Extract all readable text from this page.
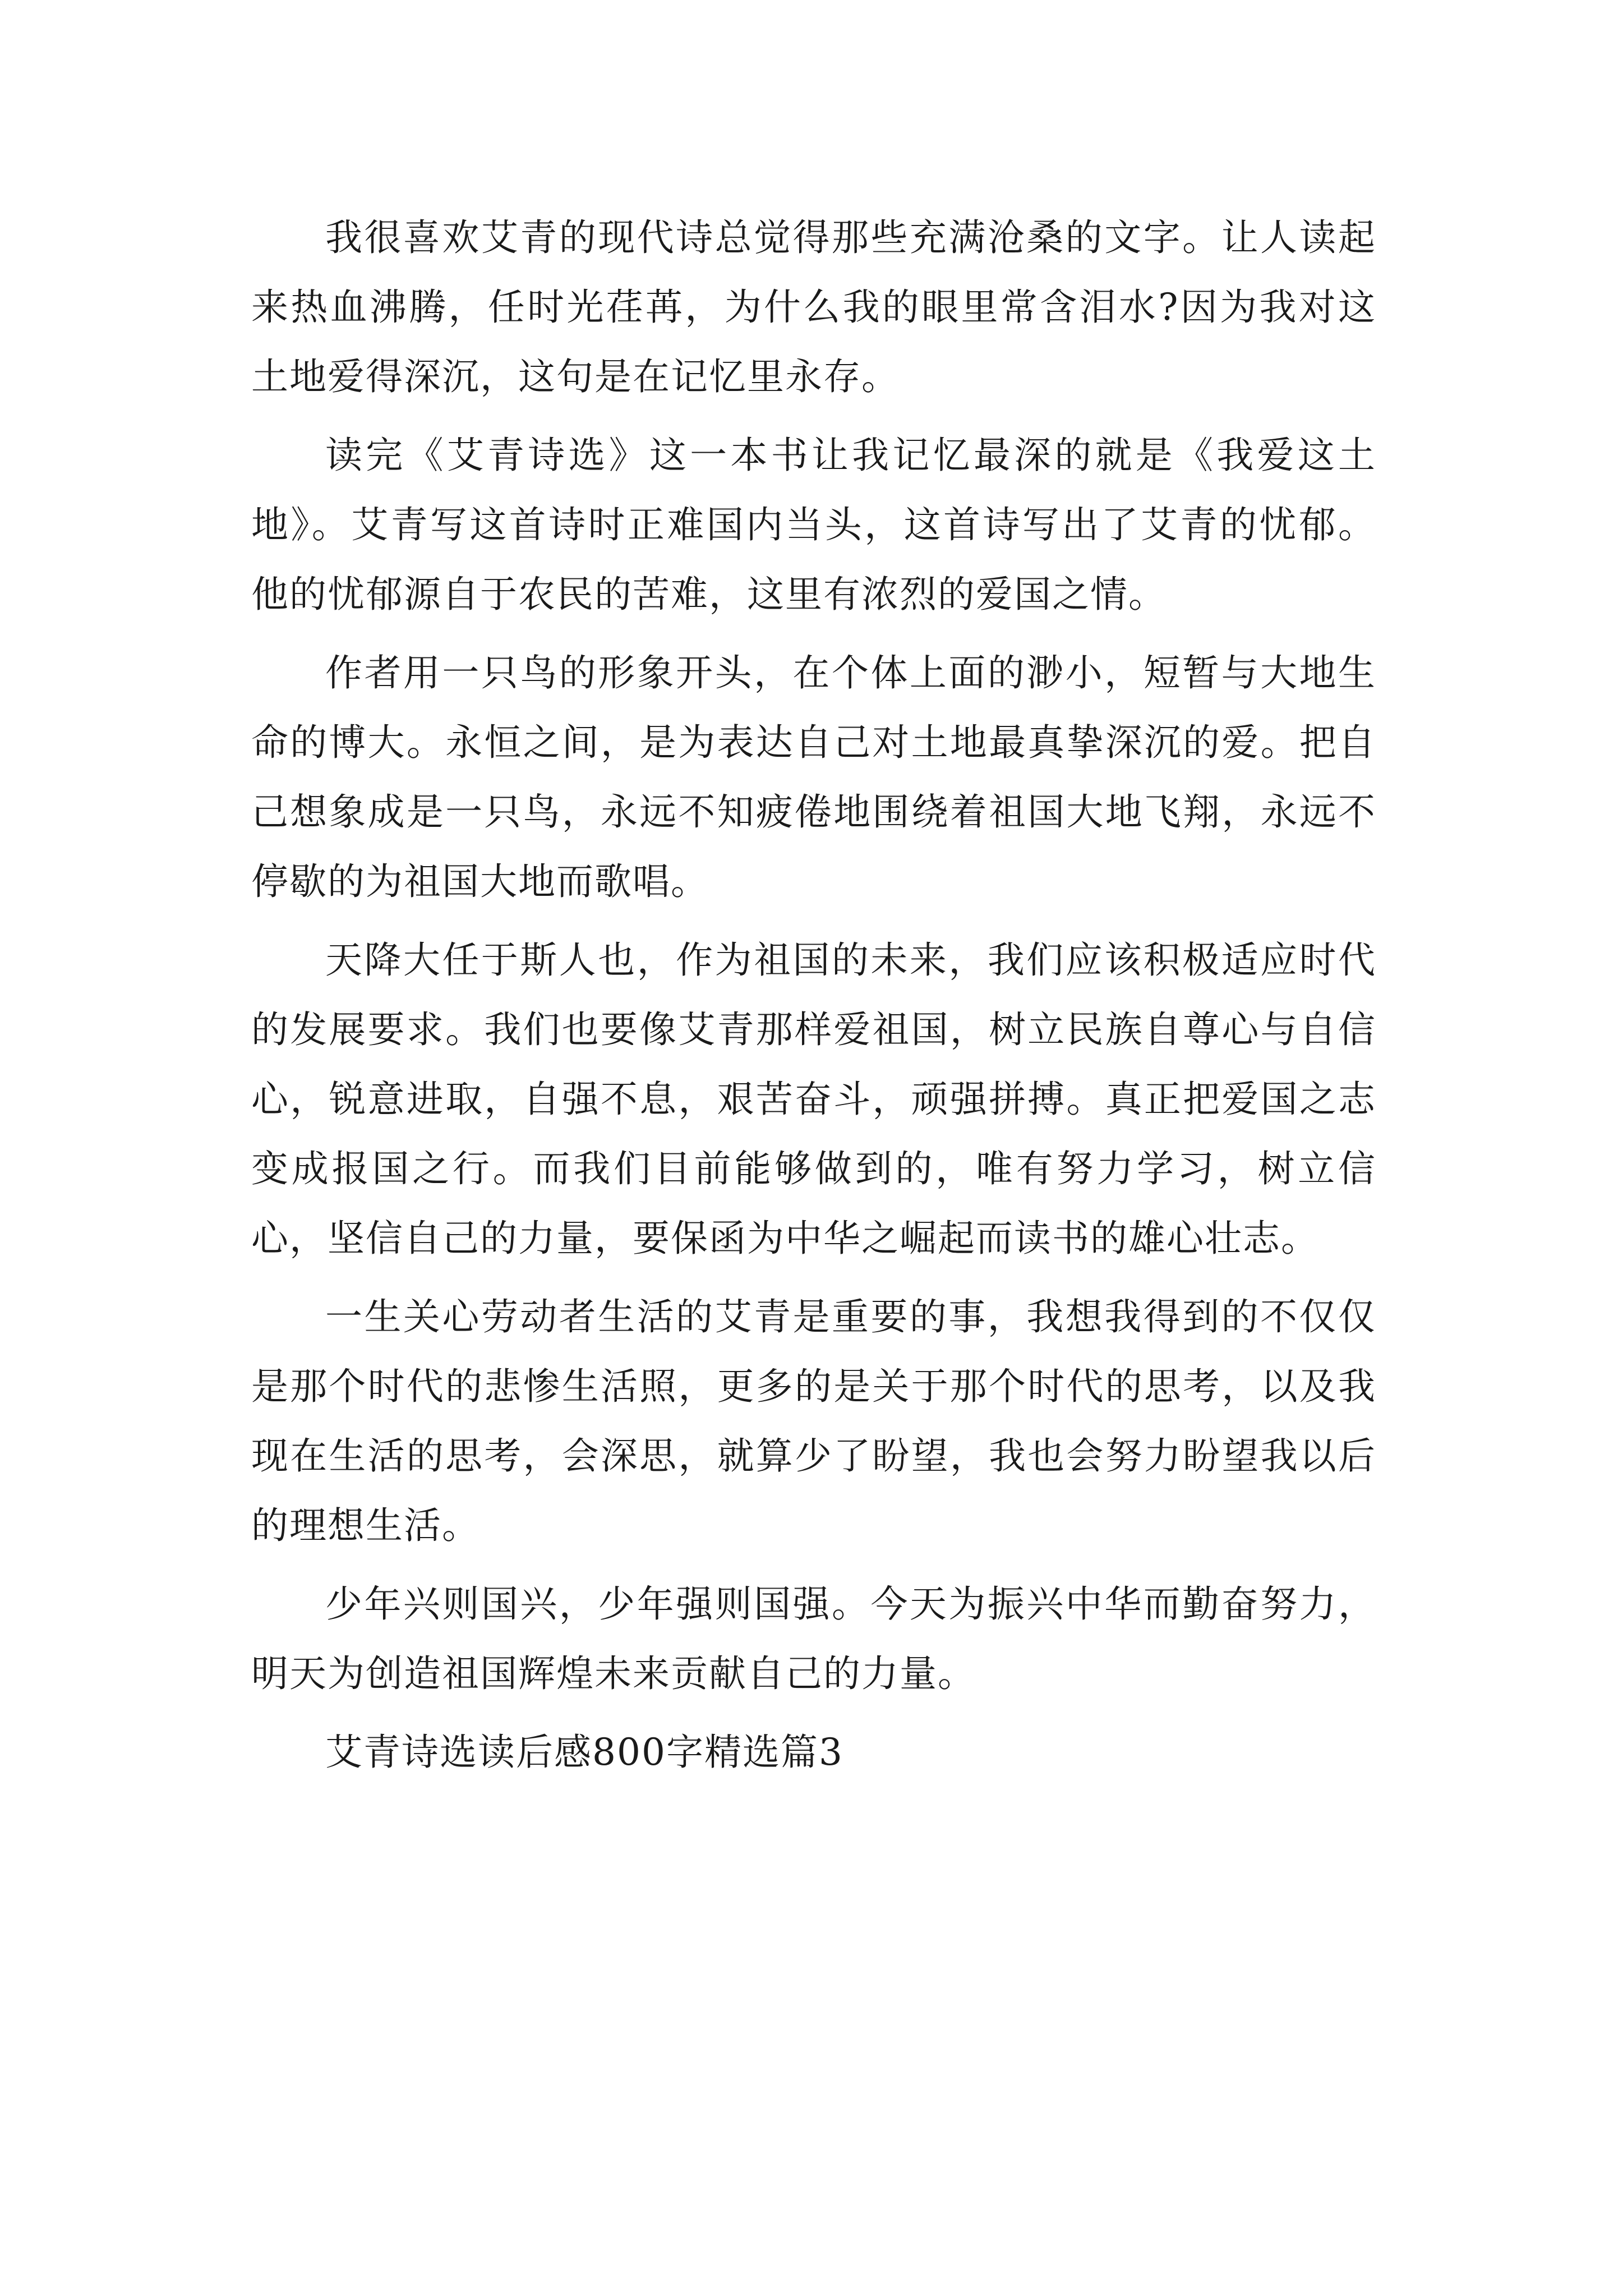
我很喜欢艾青的现代诗总觉得那些充满沧桑的文字。让人读起来热血沸腾，任时光荏苒，为什么我的眼里常含泪水?因为我对这土地爱得深沉，这句是在记忆里永存。

读完《艾青诗选》这一本书让我记忆最深的就是《我爱这土地》。艾青写这首诗时正难国内当头，这首诗写出了艾青的忧郁。他的忧郁源自于农民的苦难，这里有浓烈的爱国之情。

作者用一只鸟的形象开头，在个体上面的渺小，短暂与大地生命的博大。永恒之间，是为表达自己对土地最真挚深沉的爱。把自己想象成是一只鸟，永远不知疲倦地围绕着祖国大地飞翔，永远不停歇的为祖国大地而歌唱。

天降大任于斯人也，作为祖国的未来，我们应该积极适应时代的发展要求。我们也要像艾青那样爱祖国，树立民族自尊心与自信心，锐意进取，自强不息，艰苦奋斗，顽强拼搏。真正把爱国之志变成报国之行。而我们目前能够做到的，唯有努力学习，树立信心，坚信自己的力量，要保函为中华之崛起而读书的雄心壮志。

一生关心劳动者生活的艾青是重要的事，我想我得到的不仅仅是那个时代的悲惨生活照，更多的是关于那个时代的思考，以及我现在生活的思考，会深思，就算少了盼望，我也会努力盼望我以后的理想生活。

少年兴则国兴，少年强则国强。今天为振兴中华而勤奋努力，明天为创造祖国辉煌未来贡献自己的力量。

艾青诗选读后感800字精选篇3
